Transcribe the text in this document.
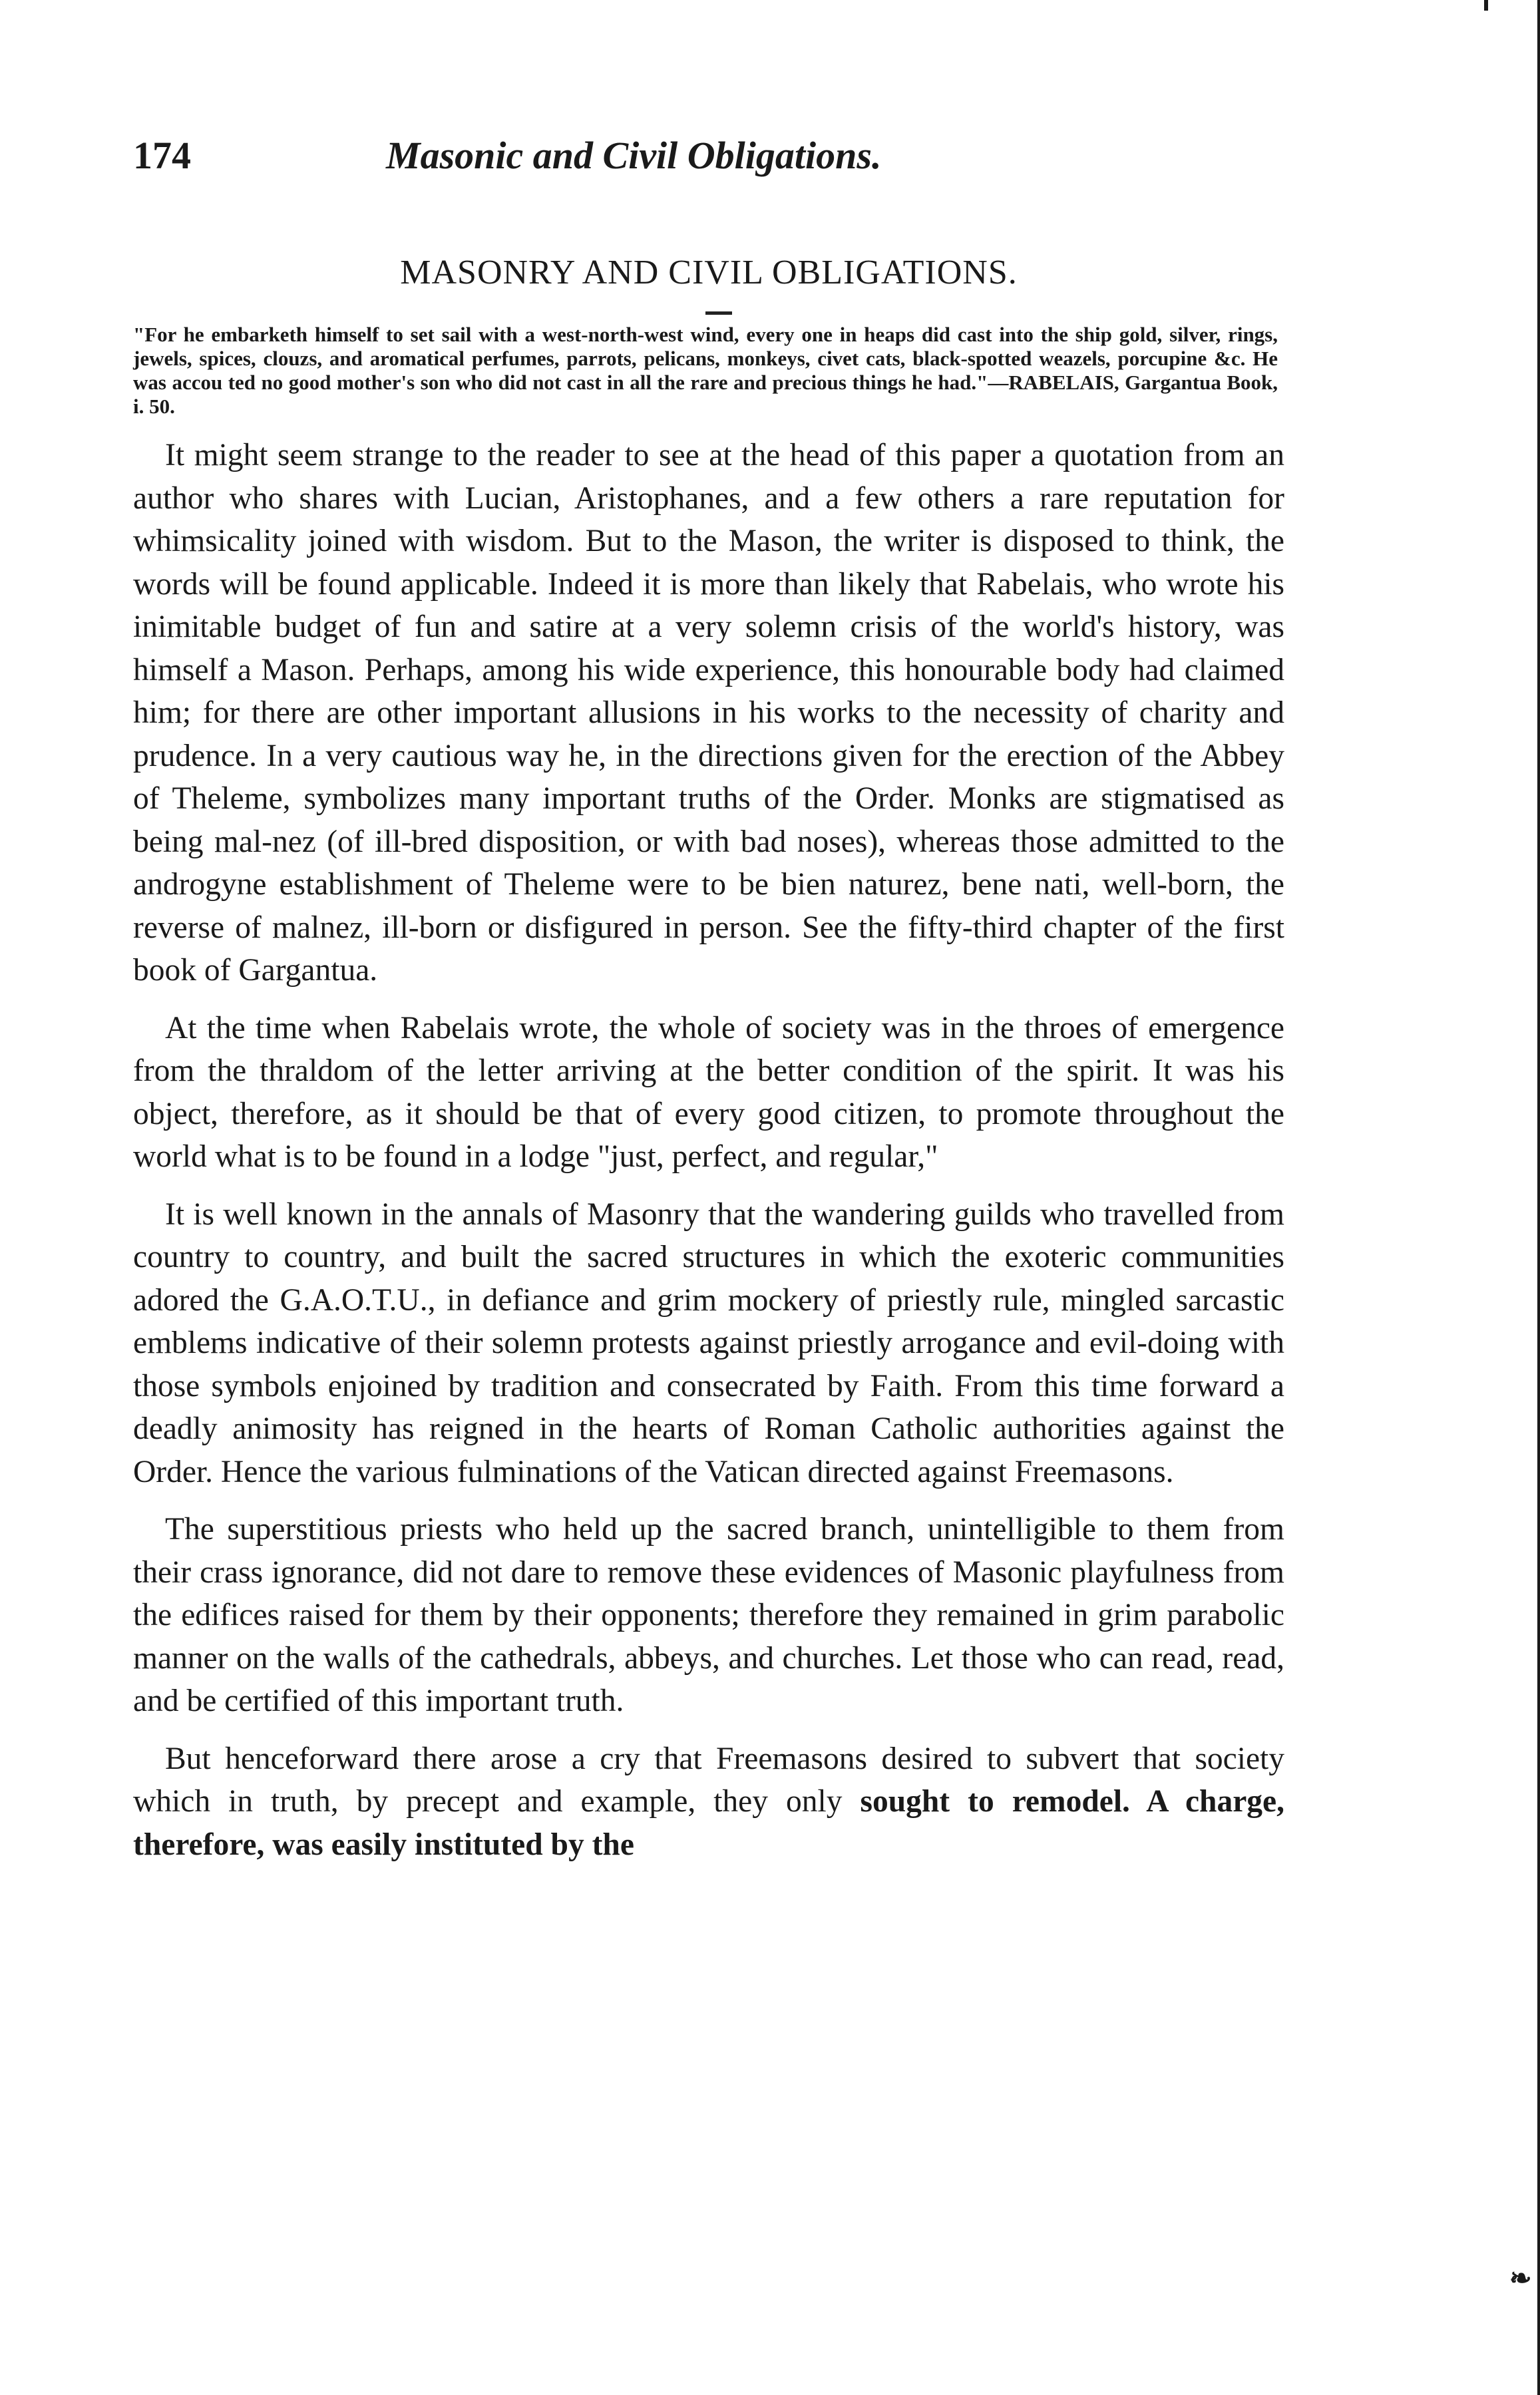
174	Masonic and Civil Obligations.
MASONRY AND CIVIL OBLIGATIONS.
"For he embarketh himself to set sail with a west-north-west wind, every one in heaps did cast into the ship gold, silver, rings, jewels, spices, clouzs, and aromatical perfumes, parrots, pelicans, monkeys, civet cats, black-spotted weazels, porcupine &c. He was accou ted no good mother's son who did not cast in all the rare and precious things he had."—RABELAIS, Gargantua Book, i. 50.

It might seem strange to the reader to see at the head of this paper a quotation from an author who shares with Lucian, Aristophanes, and a few others a rare reputation for whimsicality joined with wisdom. But to the Mason, the writer is disposed to think, the words will be found applicable. Indeed it is more than likely that Rabelais, who wrote his inimitable budget of fun and satire at a very solemn crisis of the world's history, was himself a Mason. Perhaps, among his wide experience, this honourable body had claimed him; for there are other important allusions in his works to the necessity of charity and prudence. In a very cautious way he, in the directions given for the erection of the Abbey of Theleme, symbolizes many important truths of the Order. Monks are stigmatised as being mal-nez (of ill-bred disposition, or with bad noses), whereas those admitted to the androgyne establishment of Theleme were to be bien naturez, bene nati, well-born, the reverse of malnez, ill-born or disfigured in person. See the fifty-third chapter of the first book of Gargantua.

At the time when Rabelais wrote, the whole of society was in the throes of emergence from the thraldom of the letter arriving at the better condition of the spirit. It was his object, therefore, as it should be that of every good citizen, to promote throughout the world what is to be found in a lodge "just, perfect, and regular,"

It is well known in the annals of Masonry that the wandering guilds who travelled from country to country, and built the sacred structures in which the exoteric communities adored the G.A.O.T.U., in defiance and grim mockery of priestly rule, mingled sarcastic emblems indicative of their solemn protests against priestly arrogance and evil-doing with those symbols enjoined by tradition and consecrated by Faith. From this time forward a deadly animosity has reigned in the hearts of Roman Catholic authorities against the Order. Hence the various fulminations of the Vatican directed against Freemasons.

The superstitious priests who held up the sacred branch, unintelligible to them from their crass ignorance, did not dare to remove these evidences of Masonic playfulness from the edifices raised for them by their opponents; therefore they remained in grim parabolic manner on the walls of the cathedrals, abbeys, and churches. Let those who can read, read, and be certified of this important truth.

But henceforward there arose a cry that Freemasons desired to subvert that society which in truth, by precept and example, they only sought to remodel. A charge, therefore, was easily instituted by the

❧
